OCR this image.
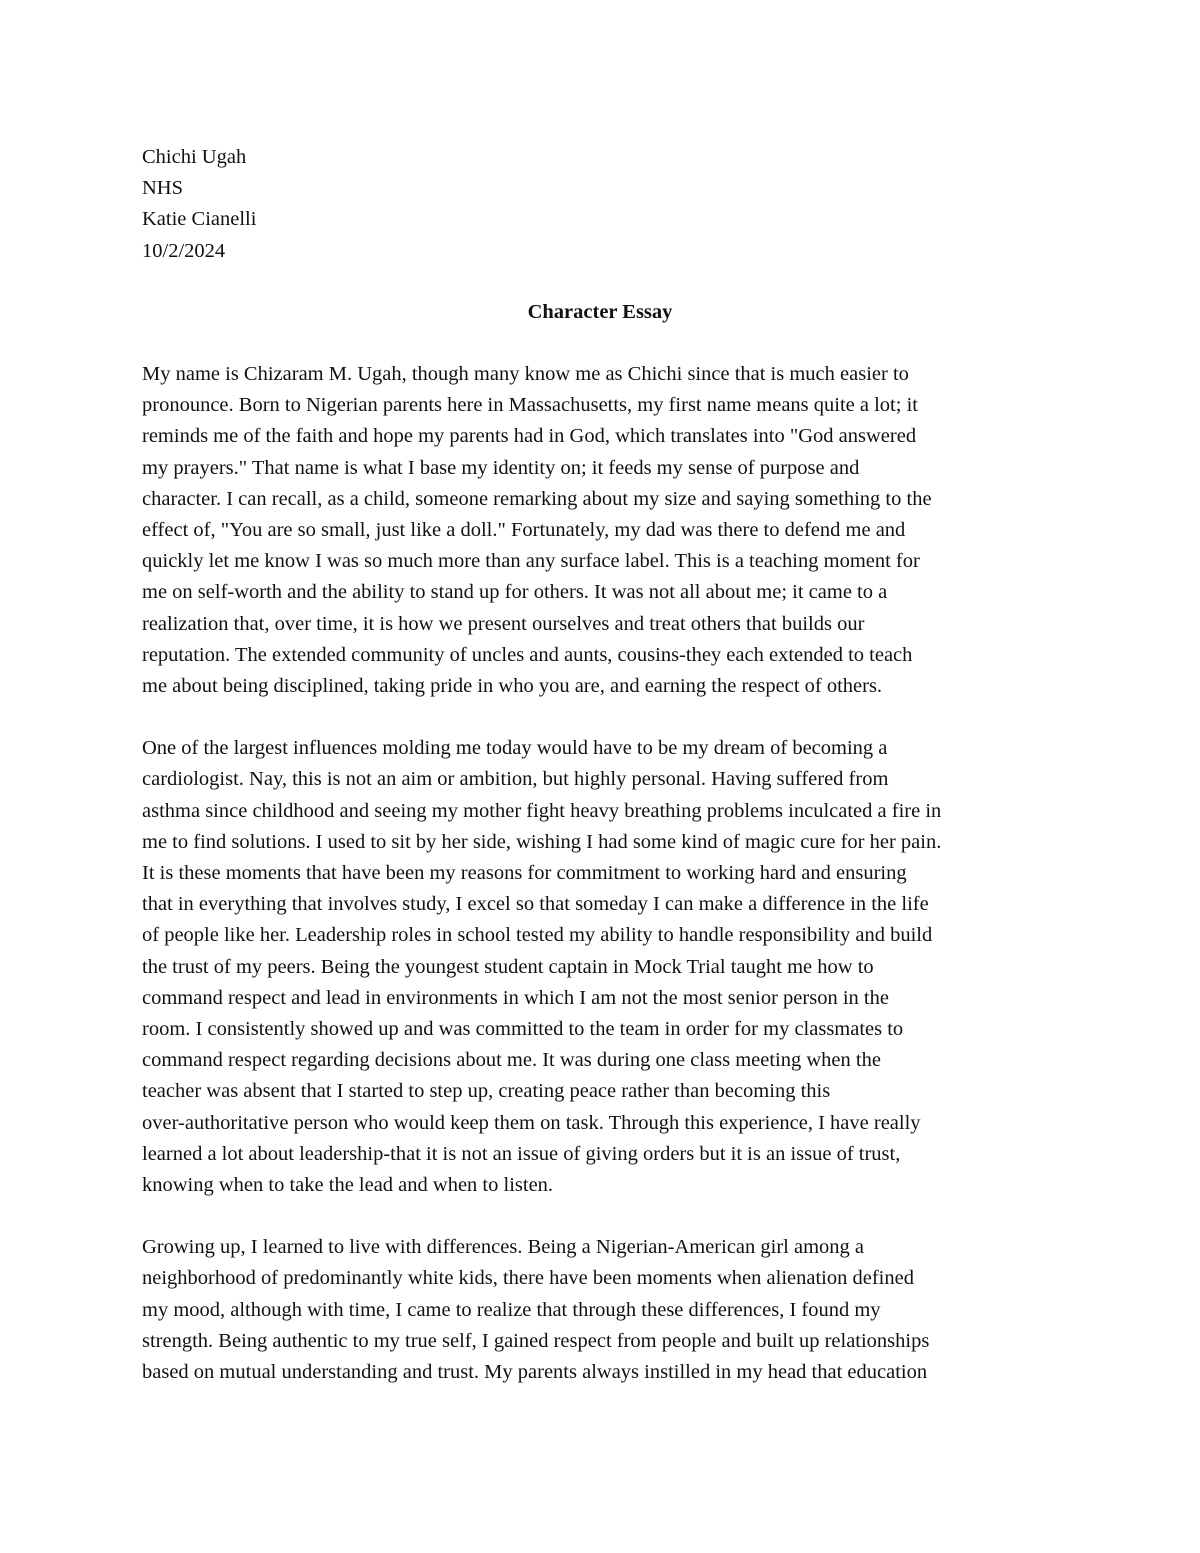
Chichi Ugah
NHS
Katie Cianelli
10/2/2024
Character Essay
My name is Chizaram M. Ugah, though many know me as Chichi since that is much easier to
pronounce. Born to Nigerian parents here in Massachusetts, my first name means quite a lot; it
reminds me of the faith and hope my parents had in God, which translates into "God answered
my prayers." That name is what I base my identity on; it feeds my sense of purpose and
character. I can recall, as a child, someone remarking about my size and saying something to the
effect of, "You are so small, just like a doll." Fortunately, my dad was there to defend me and
quickly let me know I was so much more than any surface label. This is a teaching moment for
me on self-worth and the ability to stand up for others. It was not all about me; it came to a
realization that, over time, it is how we present ourselves and treat others that builds our
reputation. The extended community of uncles and aunts, cousins-they each extended to teach
me about being disciplined, taking pride in who you are, and earning the respect of others.
One of the largest influences molding me today would have to be my dream of becoming a
cardiologist. Nay, this is not an aim or ambition, but highly personal. Having suffered from
asthma since childhood and seeing my mother fight heavy breathing problems inculcated a fire in
me to find solutions. I used to sit by her side, wishing I had some kind of magic cure for her pain.
It is these moments that have been my reasons for commitment to working hard and ensuring
that in everything that involves study, I excel so that someday I can make a difference in the life
of people like her. Leadership roles in school tested my ability to handle responsibility and build
the trust of my peers. Being the youngest student captain in Mock Trial taught me how to
command respect and lead in environments in which I am not the most senior person in the
room. I consistently showed up and was committed to the team in order for my classmates to
command respect regarding decisions about me. It was during one class meeting when the
teacher was absent that I started to step up, creating peace rather than becoming this
over-authoritative person who would keep them on task. Through this experience, I have really
learned a lot about leadership-that it is not an issue of giving orders but it is an issue of trust,
knowing when to take the lead and when to listen.
Growing up, I learned to live with differences. Being a Nigerian-American girl among a
neighborhood of predominantly white kids, there have been moments when alienation defined
my mood, although with time, I came to realize that through these differences, I found my
strength. Being authentic to my true self, I gained respect from people and built up relationships
based on mutual understanding and trust. My parents always instilled in my head that education
